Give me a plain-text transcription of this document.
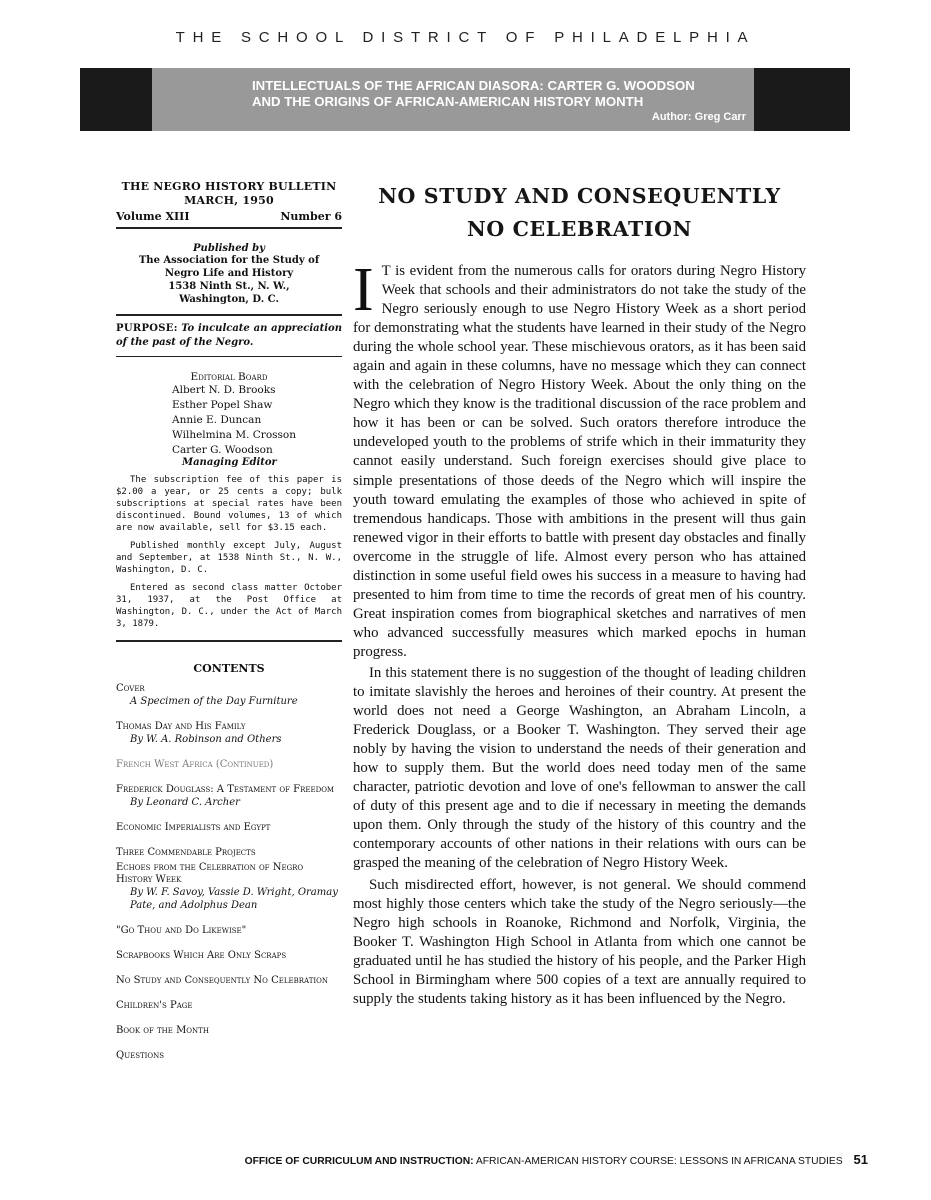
THE SCHOOL DISTRICT OF PHILADELPHIA
INTELLECTUALS OF THE AFRICAN DIASORA: CARTER G. WOODSON
AND THE ORIGINS OF AFRICAN-AMERICAN HISTORY MONTH
Author: Greg Carr
THE NEGRO HISTORY BULLETIN
MARCH, 1950
Volume XIII	Number 6
Published by
The Association for the Study of
Negro Life and History
1538 Ninth St., N. W.,
Washington, D. C.
PURPOSE: To inculcate an appreciation of the past of the Negro.
Editorial Board
Albert N. D. Brooks
Esther Popel Shaw
Annie E. Duncan
Wilhelmina M. Crosson
Carter G. Woodson
Managing Editor

The subscription fee of this paper is $2.00 a year, or 25 cents a copy; bulk subscriptions at special rates have been discontinued. Bound volumes, 13 of which are now available, sell for $3.15 each.

Published monthly except July, August and September, at 1538 Ninth St., N. W., Washington, D. C.

Entered as second class matter October 31, 1937, at the Post Office at Washington, D. C., under the Act of March 3, 1879.

CONTENTS
Cover
A Specimen of the Day Furniture
Thomas Day and His Family
By W. A. Robinson and Others
French West Africa (Continued)
Frederick Douglass: A Testament of Freedom
By Leonard C. Archer
Economic Imperialists and Egypt
Three Commendable Projects
Echoes from the Celebration of Negro History Week
By W. F. Savoy, Vassie D. Wright, Oramay Pate, and Adolphus Dean
"Go Thou and Do Likewise"
Scrapbooks Which Are Only Scraps
No Study and Consequently No Celebration
Children's Page
Book of the Month
Questions
NO STUDY AND CONSEQUENTLY
NO CELEBRATION

I T is evident from the numerous calls for orators during Negro History Week that schools and their administrators do not take the study of the Negro seriously enough to use Negro History Week as a short period for demonstrating what the students have learned in their study of the Negro during the whole school year. These mischievous orators, as it has been said again and again in these columns, have no message which they can connect with the celebration of Negro History Week. About the only thing on the Negro which they know is the traditional discussion of the race problem and how it has been or can be solved. Such orators therefore introduce the undeveloped youth to the problems of strife which in their immaturity they cannot easily understand. Such foreign exercises should give place to simple presentations of those deeds of the Negro which will inspire the youth toward emulating the examples of those who achieved in spite of tremendous handicaps. Those with ambitions in the present will thus gain renewed vigor in their efforts to battle with present day obstacles and finally overcome in the struggle of life. Almost every person who has attained distinction in some useful field owes his success in a measure to having had presented to him from time to time the records of great men of his country. Great inspiration comes from biographical sketches and narratives of men who advanced successfully measures which marked epochs in human progress.

In this statement there is no suggestion of the thought of leading children to imitate slavishly the heroes and heroines of their country. At present the world does not need a George Washington, an Abraham Lincoln, a Frederick Douglass, or a Booker T. Washington. They served their age nobly by having the vision to understand the needs of their generation and how to supply them. But the world does need today men of the same character, patriotic devotion and love of one's fellowman to answer the call of duty of this present age and to die if necessary in meeting the demands upon them. Only through the study of the history of this country and the contemporary accounts of other nations in their relations with ours can be grasped the meaning of the celebration of Negro History Week.

Such misdirected effort, however, is not general. We should commend most highly those centers which take the study of the Negro seriously—the Negro high schools in Roanoke, Richmond and Norfolk, Virginia, the Booker T. Washington High School in Atlanta from which one cannot be graduated until he has studied the history of his people, and the Parker High School in Birmingham where 500 copies of a text are annually required to supply the students taking history as it has been influenced by the Negro.

OFFICE OF CURRICULUM AND INSTRUCTION: AFRICAN-AMERICAN HISTORY COURSE: LESSONS IN AFRICANA STUDIES 51
